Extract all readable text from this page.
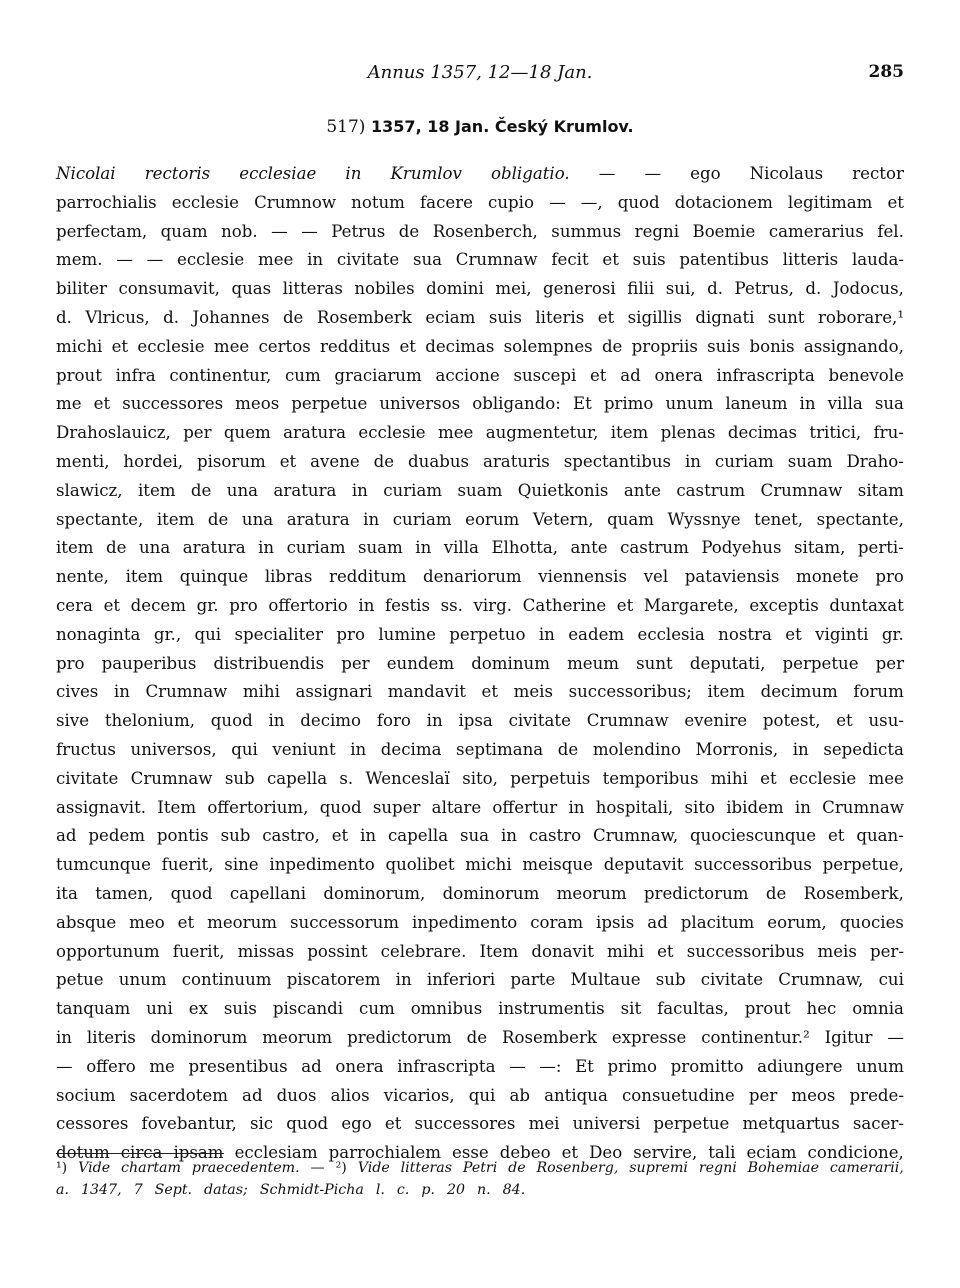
Annus 1357, 12—18 Jan.	285
517) 1357, 18 Jan. Český Krumlov.
Nicolai rectoris ecclesiae in Krumlov obligatio. — — ego Nicolaus rector
parrochialis ecclesie Crumnow notum facere cupio — —, quod dotacionem legitimam et
perfectam, quam nob. — — Petrus de Rosenberch, summus regni Boemie camerarius fel.
mem. — — ecclesie mee in civitate sua Crumnaw fecit et suis patentibus litteris lauda-
biliter consumavit, quas litteras nobiles domini mei, generosi filii sui, d. Petrus, d. Jodocus,
d. Vlricus, d. Johannes de Rosemberk eciam suis literis et sigillis dignati sunt roborare,¹
michi et ecclesie mee certos redditus et decimas solempnes de propriis suis bonis assignando,
prout infra continentur, cum graciarum accione suscepi et ad onera infrascripta benevole
me et successores meos perpetue universos obligando: Et primo unum laneum in villa sua
Drahoslauicz, per quem aratura ecclesie mee augmentetur, item plenas decimas tritici, fru-
menti, hordei, pisorum et avene de duabus araturis spectantibus in curiam suam Draho-
slawicz, item de una aratura in curiam suam Quietkonis ante castrum Crumnaw sitam
spectante, item de una aratura in curiam eorum Vetern, quam Wyssnye tenet, spectante,
item de una aratura in curiam suam in villa Elhotta, ante castrum Podyehus sitam, perti-
nente, item quinque libras redditum denariorum viennensis vel pataviensis monete pro
cera et decem gr. pro offertorio in festis ss. virg. Catherine et Margarete, exceptis duntaxat
nonaginta gr., qui specialiter pro lumine perpetuo in eadem ecclesia nostra et viginti gr.
pro pauperibus distribuendis per eundem dominum meum sunt deputati, perpetue per
cives in Crumnaw mihi assignari mandavit et meis successoribus; item decimum forum
sive thelonium, quod in decimo foro in ipsa civitate Crumnaw evenire potest, et usu-
fructus universos, qui veniunt in decima septimana de molendino Morronis, in sepedicta
civitate Crumnaw sub capella s. Wenceslaï sito, perpetuis temporibus mihi et ecclesie mee
assignavit. Item offertorium, quod super altare offertur in hospitali, sito ibidem in Crumnaw
ad pedem pontis sub castro, et in capella sua in castro Crumnaw, quociescunque et quan-
tumcunque fuerit, sine inpedimento quolibet michi meisque deputavit successoribus perpetue,
ita tamen, quod capellani dominorum, dominorum meorum predictorum de Rosemberk,
absque meo et meorum successorum inpedimento coram ipsis ad placitum eorum, quocies
opportunum fuerit, missas possint celebrare. Item donavit mihi et successoribus meis per-
petue unum continuum piscatorem in inferiori parte Multaue sub civitate Crumnaw, cui
tanquam uni ex suis piscandi cum omnibus instrumentis sit facultas, prout hec omnia
in literis dominorum meorum predictorum de Rosemberk expresse continentur.² Igitur —
— offero me presentibus ad onera infrascripta — —: Et primo promitto adiungere unum
socium sacerdotem ad duos alios vicarios, qui ab antiqua consuetudine per meos prede-
cessores fovebantur, sic quod ego et successores mei universi perpetue metquartus sacer-
dotum circa ipsam ecclesiam parrochialem esse debeo et Deo servire, tali eciam condicione,
¹) Vide chartam praecedentem. — ²) Vide litteras Petri de Rosenberg, supremi regni Bohemiae camerarii,
a. 1347, 7 Sept. datas; Schmidt-Picha l. c. p. 20 n. 84.
